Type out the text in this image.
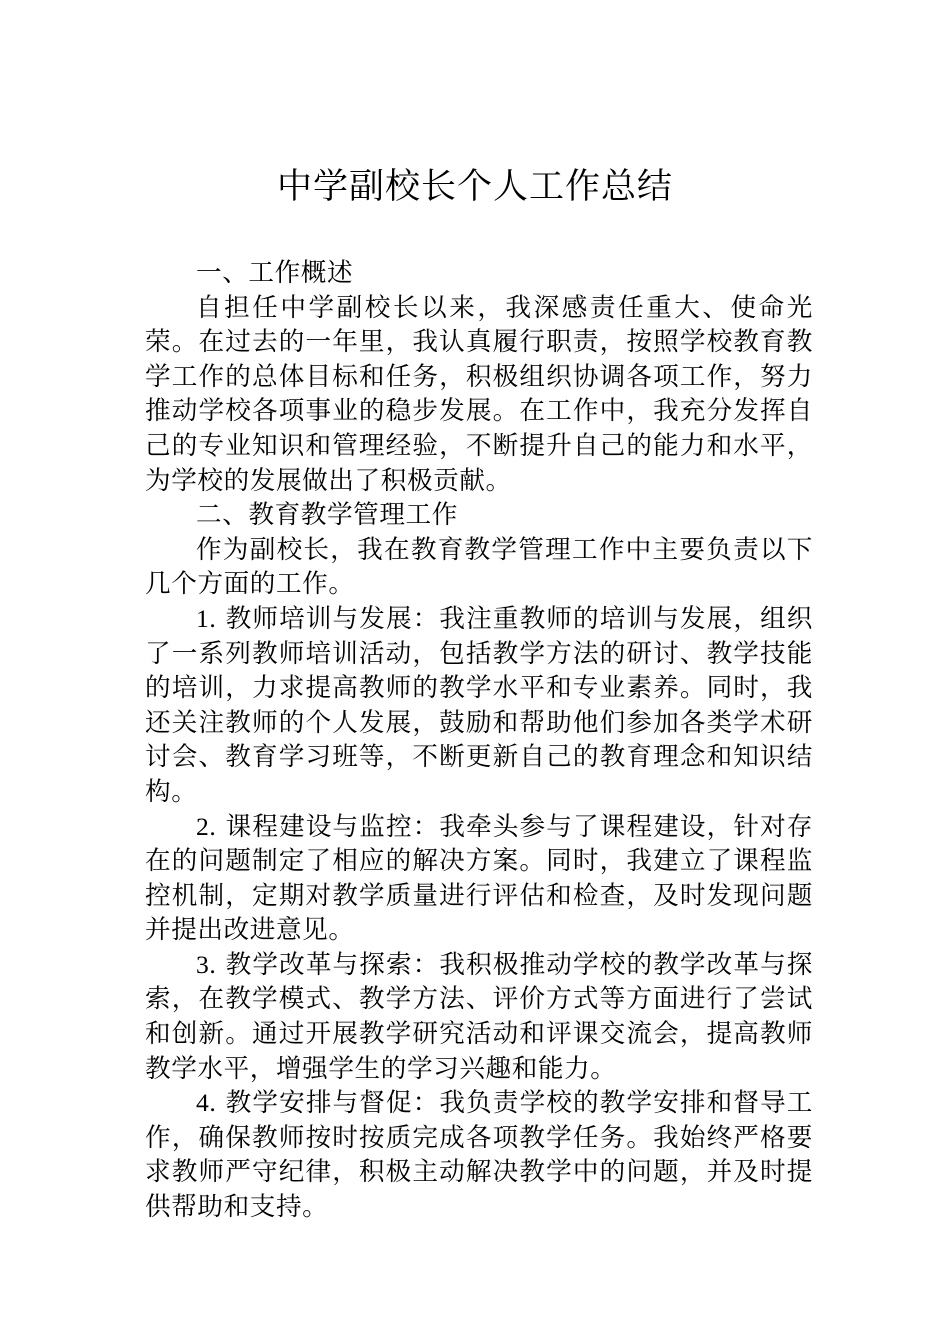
中学副校长个人工作总结

一、工作概述

自担任中学副校长以来，我深感责任重大、使命光荣。在过去的一年里，我认真履行职责，按照学校教育教学工作的总体目标和任务，积极组织协调各项工作，努力推动学校各项事业的稳步发展。在工作中，我充分发挥自己的专业知识和管理经验，不断提升自己的能力和水平，为学校的发展做出了积极贡献。

二、教育教学管理工作

作为副校长，我在教育教学管理工作中主要负责以下几个方面的工作。

1. 教师培训与发展：我注重教师的培训与发展，组织了一系列教师培训活动，包括教学方法的研讨、教学技能的培训，力求提高教师的教学水平和专业素养。同时，我还关注教师的个人发展，鼓励和帮助他们参加各类学术研讨会、教育学习班等，不断更新自己的教育理念和知识结构。

2. 课程建设与监控：我牵头参与了课程建设，针对存在的问题制定了相应的解决方案。同时，我建立了课程监控机制，定期对教学质量进行评估和检查，及时发现问题并提出改进意见。

3. 教学改革与探索：我积极推动学校的教学改革与探索，在教学模式、教学方法、评价方式等方面进行了尝试和创新。通过开展教学研究活动和评课交流会，提高教师教学水平，增强学生的学习兴趣和能力。

4. 教学安排与督促：我负责学校的教学安排和督导工作，确保教师按时按质完成各项教学任务。我始终严格要求教师严守纪律，积极主动解决教学中的问题，并及时提供帮助和支持。
